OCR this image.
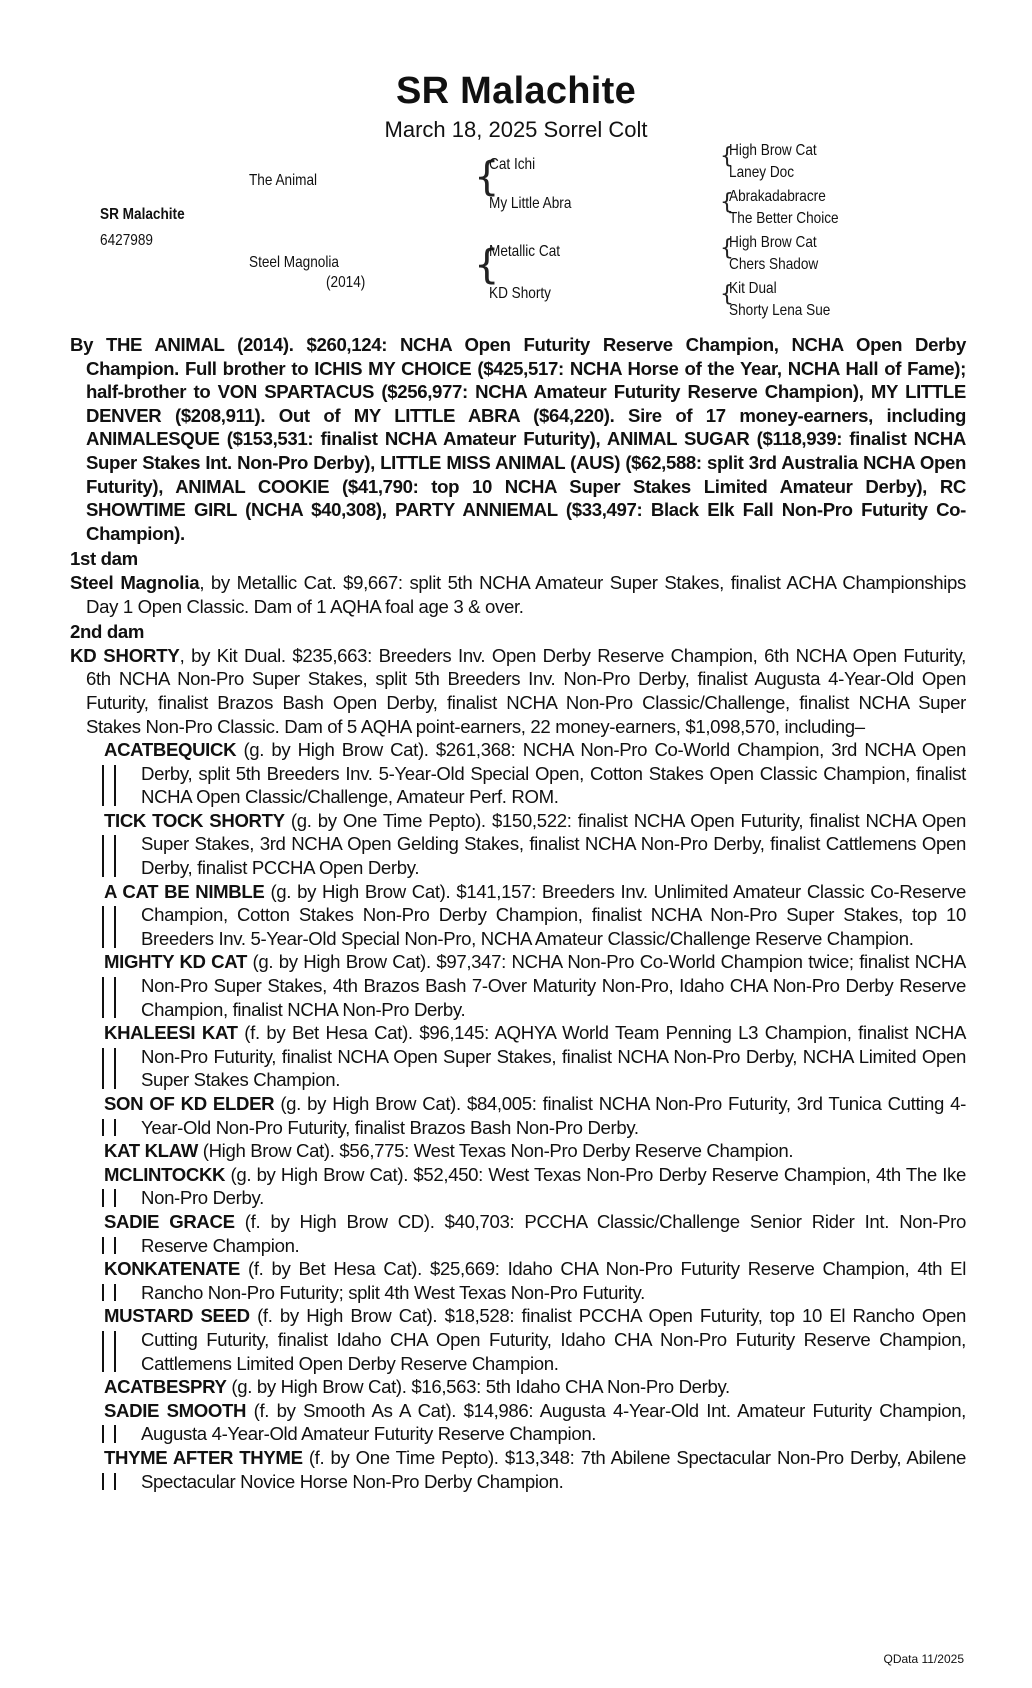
SR Malachite
March 18, 2025 Sorrel Colt
SR Malachite
6427989
The Animal
Steel Magnolia
(2014)
{
Cat Ichi
My Little Abra
{
Metallic Cat
KD Shorty
{
High Brow Cat
Laney Doc
{
Abrakadabracre
The Better Choice
{
High Brow Cat
Chers Shadow
{
Kit Dual
Shorty Lena Sue

By THE ANIMAL (2014). $260,124: NCHA Open Futurity Reserve Champion, NCHA Open Derby Champion. Full brother to ICHIS MY CHOICE ($425,517: NCHA Horse of the Year, NCHA Hall of Fame); half-brother to VON SPARTACUS ($256,977: NCHA Amateur Futurity Reserve Champion), MY LITTLE DENVER ($208,911). Out of MY LITTLE ABRA ($64,220). Sire of 17 money-earners, including ANIMALESQUE ($153,531: finalist NCHA Amateur Futurity), ANIMAL SUGAR ($118,939: finalist NCHA Super Stakes Int. Non-Pro Derby), LITTLE MISS ANIMAL (AUS) ($62,588: split 3rd Australia NCHA Open Futurity), ANIMAL COOKIE ($41,790: top 10 NCHA Super Stakes Limited Amateur Derby), RC SHOWTIME GIRL (NCHA $40,308), PARTY ANNIEMAL ($33,497: Black Elk Fall Non-Pro Futurity Co-Champion).

1st dam

Steel Magnolia, by Metallic Cat. $9,667: split 5th NCHA Amateur Super Stakes, finalist ACHA Championships Day 1 Open Classic. Dam of 1 AQHA foal age 3 & over.

2nd dam

KD SHORTY, by Kit Dual. $235,663: Breeders Inv. Open Derby Reserve Champion, 6th NCHA Open Futurity, 6th NCHA Non-Pro Super Stakes, split 5th Breeders Inv. Non-Pro Derby, finalist Augusta 4-Year-Old Open Futurity, finalist Brazos Bash Open Derby, finalist NCHA Non-Pro Classic/Challenge, finalist NCHA Super Stakes Non-Pro Classic. Dam of 5 AQHA point-earners, 22 money-earners, $1,098,570, including–

ACATBEQUICK (g. by High Brow Cat). $261,368: NCHA Non-Pro Co-World Champion, 3rd NCHA Open Derby, split 5th Breeders Inv. 5-Year-Old Special Open, Cotton Stakes Open Classic Champion, finalist NCHA Open Classic/Challenge, Amateur Perf. ROM.

TICK TOCK SHORTY (g. by One Time Pepto). $150,522: finalist NCHA Open Futurity, finalist NCHA Open Super Stakes, 3rd NCHA Open Gelding Stakes, finalist NCHA Non-Pro Derby, finalist Cattlemens Open Derby, finalist PCCHA Open Derby.

A CAT BE NIMBLE (g. by High Brow Cat). $141,157: Breeders Inv. Unlimited Amateur Classic Co-Reserve Champion, Cotton Stakes Non-Pro Derby Champion, finalist NCHA Non-Pro Super Stakes, top 10 Breeders Inv. 5-Year-Old Special Non-Pro, NCHA Amateur Classic/Challenge Reserve Champion.

MIGHTY KD CAT (g. by High Brow Cat). $97,347: NCHA Non-Pro Co-World Champion twice; finalist NCHA Non-Pro Super Stakes, 4th Brazos Bash 7-Over Maturity Non-Pro, Idaho CHA Non-Pro Derby Reserve Champion, finalist NCHA Non-Pro Derby.

KHALEESI KAT (f. by Bet Hesa Cat). $96,145: AQHYA World Team Penning L3 Champion, finalist NCHA Non-Pro Futurity, finalist NCHA Open Super Stakes, finalist NCHA Non-Pro Derby, NCHA Limited Open Super Stakes Champion.

SON OF KD ELDER (g. by High Brow Cat). $84,005: finalist NCHA Non-Pro Futurity, 3rd Tunica Cutting 4-Year-Old Non-Pro Futurity, finalist Brazos Bash Non-Pro Derby.

KAT KLAW (High Brow Cat). $56,775: West Texas Non-Pro Derby Reserve Champion.

MCLINTOCKK (g. by High Brow Cat). $52,450: West Texas Non-Pro Derby Reserve Champion, 4th The Ike Non-Pro Derby.

SADIE GRACE (f. by High Brow CD). $40,703: PCCHA Classic/Challenge Senior Rider Int. Non-Pro Reserve Champion.

KONKATENATE (f. by Bet Hesa Cat). $25,669: Idaho CHA Non-Pro Futurity Reserve Champion, 4th El Rancho Non-Pro Futurity; split 4th West Texas Non-Pro Futurity.

MUSTARD SEED (f. by High Brow Cat). $18,528: finalist PCCHA Open Futurity, top 10 El Rancho Open Cutting Futurity, finalist Idaho CHA Open Futurity, Idaho CHA Non-Pro Futurity Reserve Champion, Cattlemens Limited Open Derby Reserve Champion.

ACATBESPRY (g. by High Brow Cat). $16,563: 5th Idaho CHA Non-Pro Derby.

SADIE SMOOTH (f. by Smooth As A Cat). $14,986: Augusta 4-Year-Old Int. Amateur Futurity Champion, Augusta 4-Year-Old Amateur Futurity Reserve Champion.

THYME AFTER THYME (f. by One Time Pepto). $13,348: 7th Abilene Spectacular Non-Pro Derby, Abilene Spectacular Novice Horse Non-Pro Derby Champion.

QData 11/2025
